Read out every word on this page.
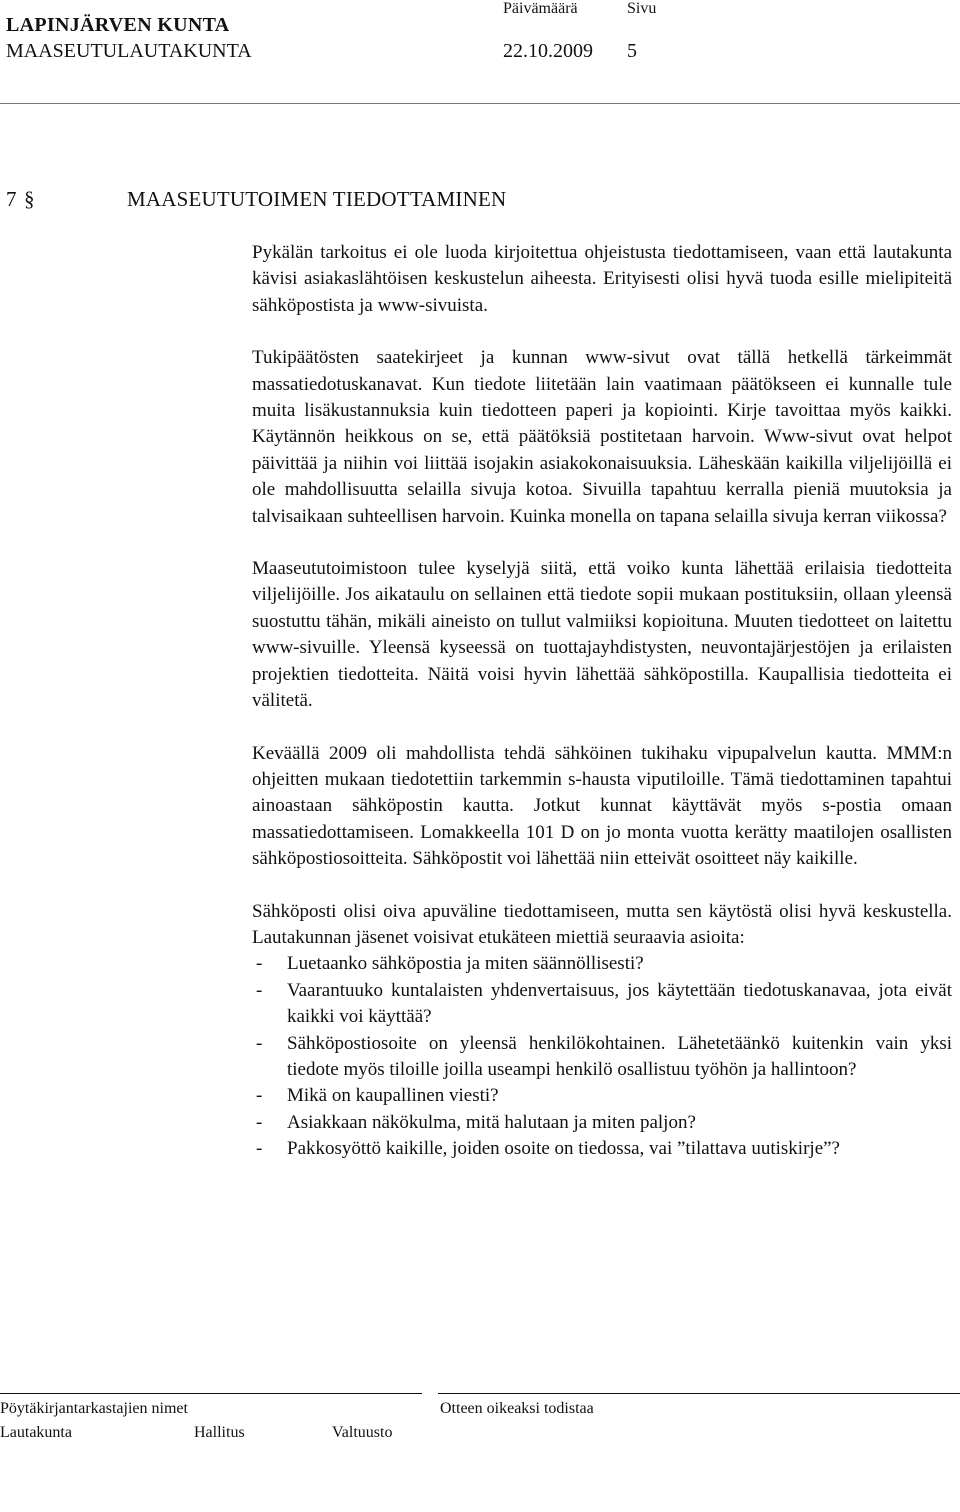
LAPINJÄRVEN KUNTA
MAASEUTULAUTAKUNTA
Päivämäärä	Sivu
22.10.2009 5
7 §	MAASEUTUTOIMEN TIEDOTTAMINEN

Pykälän tarkoitus ei ole luoda kirjoitettua ohjeistusta tiedottamiseen, vaan että lautakunta kävisi asiakaslähtöisen keskustelun aiheesta. Erityisesti olisi hyvä tuoda esille mielipiteitä sähköpostista ja www-sivuista.

Tukipäätösten saatekirjeet ja kunnan www-sivut ovat tällä hetkellä tärkeimmät massatiedotuskanavat. Kun tiedote liitetään lain vaatimaan päätökseen ei kunnalle tule muita lisäkustannuksia kuin tiedotteen paperi ja kopiointi. Kirje tavoittaa myös kaikki. Käytännön heikkous on se, että päätöksiä postitetaan harvoin. Www-sivut ovat helpot päivittää ja niihin voi liittää isojakin asiakokonaisuuksia. Läheskään kaikilla viljelijöillä ei ole mahdollisuutta selailla sivuja kotoa. Sivuilla tapahtuu kerralla pieniä muutoksia ja talvisaikaan suhteellisen harvoin. Kuinka monella on tapana selailla sivuja kerran viikossa?

Maaseututoimistoon tulee kyselyjä siitä, että voiko kunta lähettää erilaisia tiedotteita viljelijöille. Jos aikataulu on sellainen että tiedote sopii mukaan postituksiin, ollaan yleensä suostuttu tähän, mikäli aineisto on tullut valmiiksi kopioituna. Muuten tiedotteet on laitettu www-sivuille. Yleensä kyseessä on tuottajayhdistysten, neuvontajärjestöjen ja erilaisten projektien tiedotteita. Näitä voisi hyvin lähettää sähköpostilla. Kaupallisia tiedotteita ei välitetä.

Keväällä 2009 oli mahdollista tehdä sähköinen tukihaku vipupalvelun kautta. MMM:n ohjeitten mukaan tiedotettiin tarkemmin s-hausta viputiloille. Tämä tiedottaminen tapahtui ainoastaan sähköpostin kautta. Jotkut kunnat käyttävät myös s-postia omaan massatiedottamiseen. Lomakkeella 101 D on jo monta vuotta kerätty maatilojen osallisten sähköpostiosoitteita. Sähköpostit voi lähettää niin etteivät osoitteet näy kaikille.

Sähköposti olisi oiva apuväline tiedottamiseen, mutta sen käytöstä olisi hyvä keskustella. Lautakunnan jäsenet voisivat etukäteen miettiä seuraavia asioita:

- Luetaanko sähköpostia ja miten säännöllisesti?
- Vaarantuuko kuntalaisten yhdenvertaisuus, jos käytettään tiedotuskanavaa, jota eivät kaikki voi käyttää?
- Sähköpostiosoite on yleensä henkilökohtainen. Lähetetäänkö kuitenkin vain yksi tiedote myös tiloille joilla useampi henkilö osallistuu työhön ja hallintoon?
- Mikä on kaupallinen viesti?
- Asiakkaan näkökulma, mitä halutaan ja miten paljon?
- Pakkosyöttö kaikille, joiden osoite on tiedossa, vai ”tilattava uutiskirje”?
Pöytäkirjantarkastajien nimet	Otteen oikeaksi todistaa
Lautakunta	Hallitus	Valtuusto
